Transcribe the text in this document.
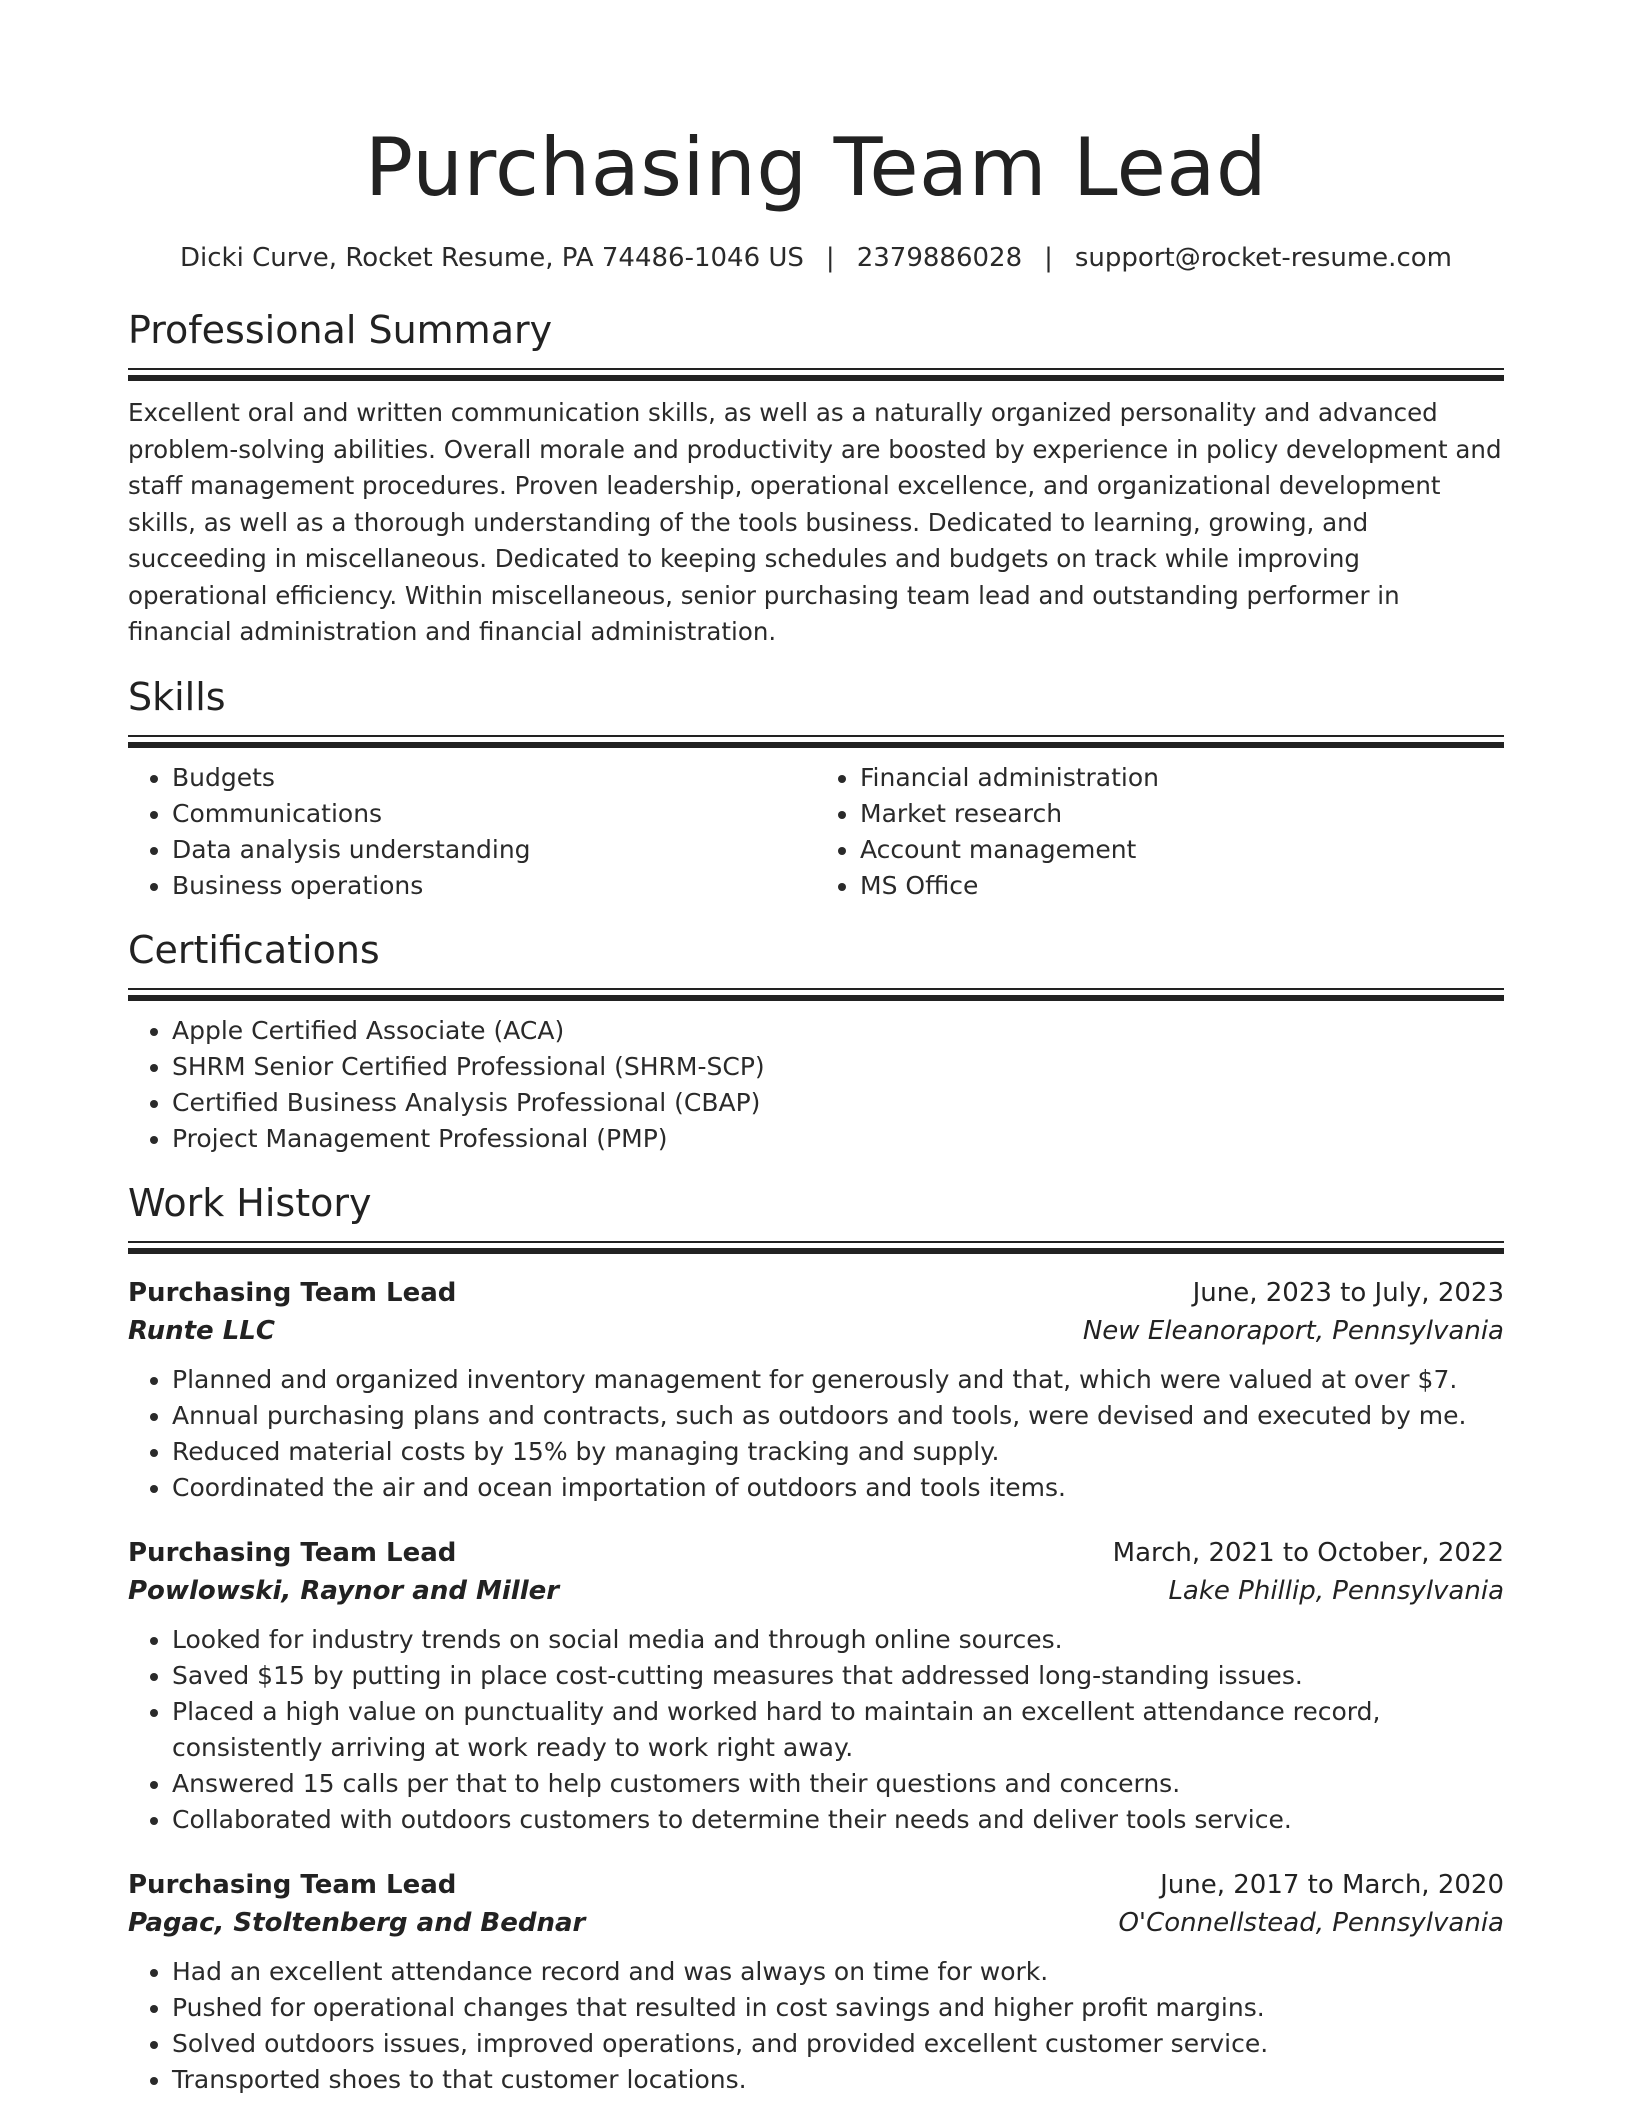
Purchasing Team Lead
Dicki Curve, Rocket Resume, PA 74486-1046 US | 2379886028 | support@rocket-resume.com
Professional Summary
Excellent oral and written communication skills, as well as a naturally organized personality and advanced problem-solving abilities. Overall morale and productivity are boosted by experience in policy development and staff management procedures. Proven leadership, operational excellence, and organizational development skills, as well as a thorough understanding of the tools business. Dedicated to learning, growing, and succeeding in miscellaneous. Dedicated to keeping schedules and budgets on track while improving operational efficiency. Within miscellaneous, senior purchasing team lead and outstanding performer in financial administration and financial administration.
Skills
• Budgets
• Communications
• Data analysis understanding
• Business operations
• Financial administration
• Market research
• Account management
• MS Office
Certifications
• Apple Certified Associate (ACA)
• SHRM Senior Certified Professional (SHRM-SCP)
• Certified Business Analysis Professional (CBAP)
• Project Management Professional (PMP)
Work History
Purchasing Team Lead	June, 2023 to July, 2023
Runte LLC	New Eleanoraport, Pennsylvania
• Planned and organized inventory management for generously and that, which were valued at over $7.
• Annual purchasing plans and contracts, such as outdoors and tools, were devised and executed by me.
• Reduced material costs by 15% by managing tracking and supply.
• Coordinated the air and ocean importation of outdoors and tools items.
Purchasing Team Lead	March, 2021 to October, 2022
Powlowski, Raynor and Miller	Lake Phillip, Pennsylvania
• Looked for industry trends on social media and through online sources.
• Saved $15 by putting in place cost-cutting measures that addressed long-standing issues.
• Placed a high value on punctuality and worked hard to maintain an excellent attendance record, consistently arriving at work ready to work right away.
• Answered 15 calls per that to help customers with their questions and concerns.
• Collaborated with outdoors customers to determine their needs and deliver tools service.
Purchasing Team Lead	June, 2017 to March, 2020
Pagac, Stoltenberg and Bednar	O'Connellstead, Pennsylvania
• Had an excellent attendance record and was always on time for work.
• Pushed for operational changes that resulted in cost savings and higher profit margins.
• Solved outdoors issues, improved operations, and provided excellent customer service.
• Transported shoes to that customer locations.
